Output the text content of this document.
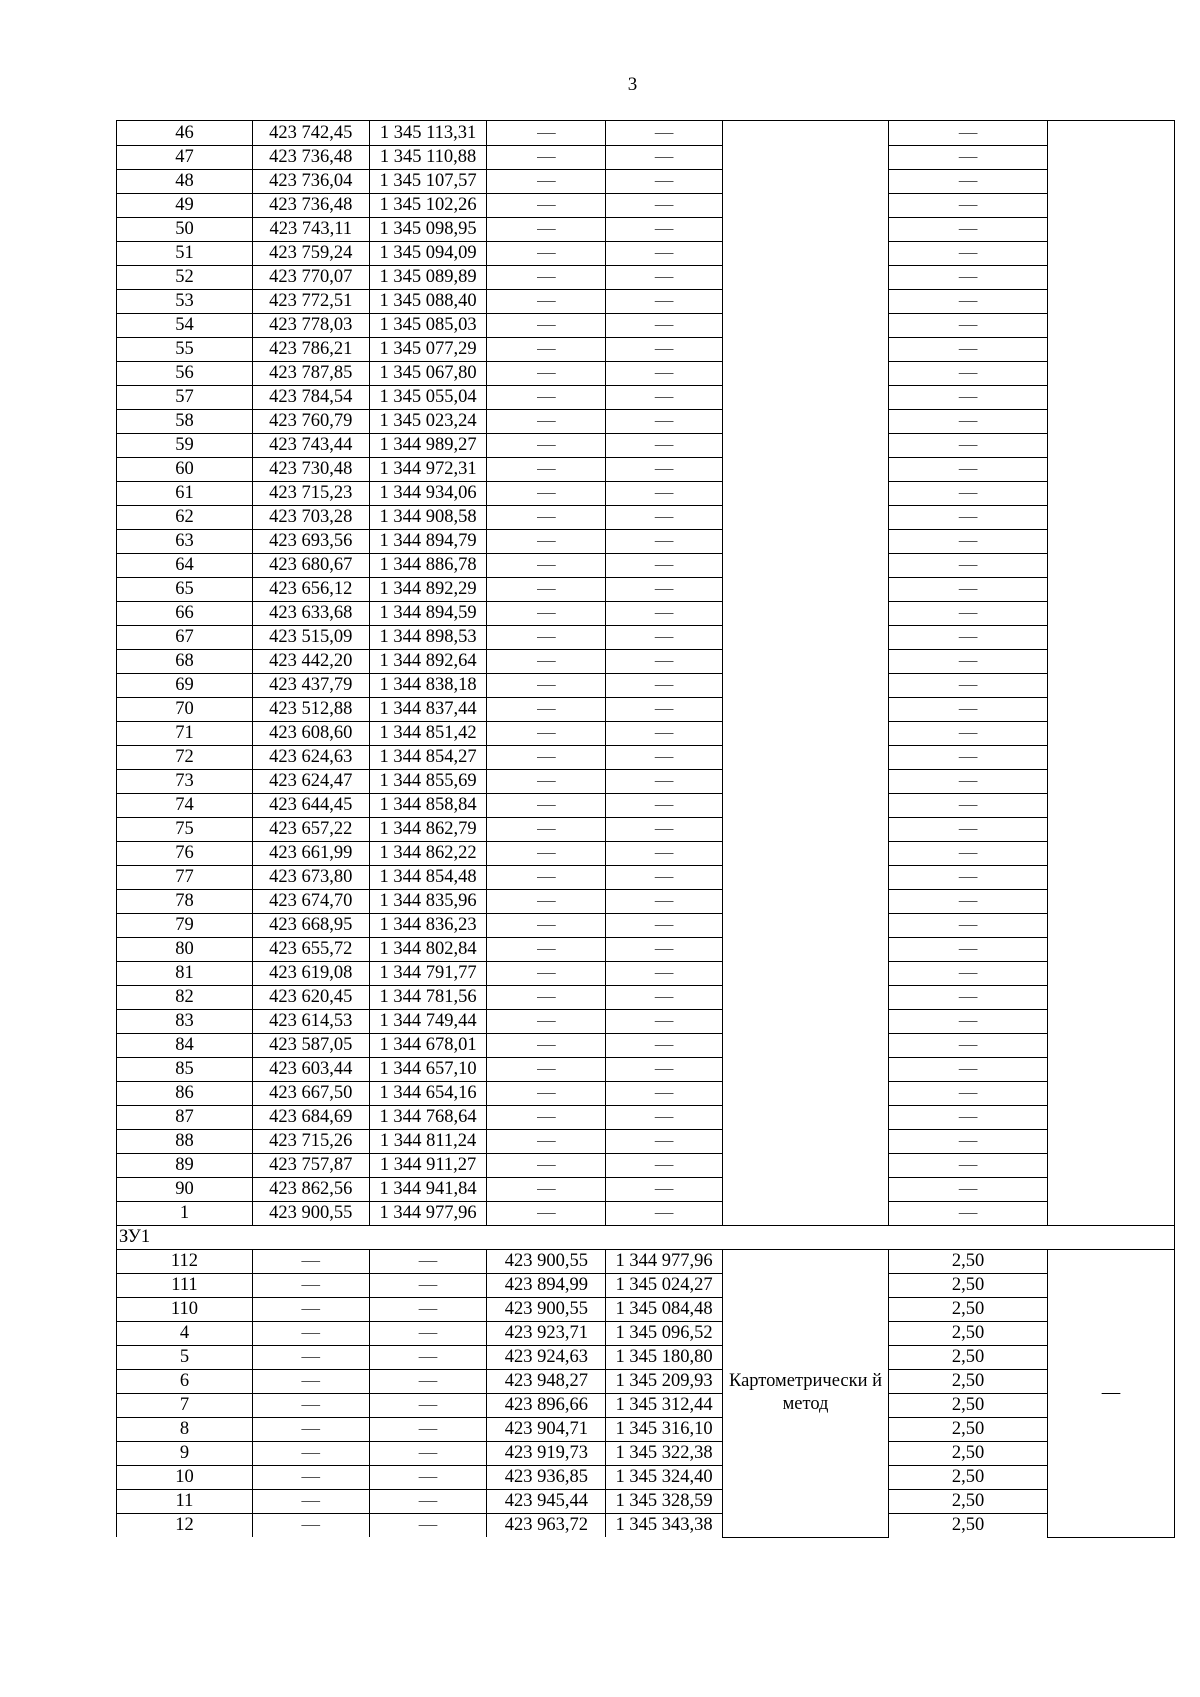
3
46	423 742,45	1 345 113,31	—	—		—	
47	423 736,48	1 345 110,88	—	—		—	
48	423 736,04	1 345 107,57	—	—		—	
49	423 736,48	1 345 102,26	—	—		—	
50	423 743,11	1 345 098,95	—	—		—	
51	423 759,24	1 345 094,09	—	—		—	
52	423 770,07	1 345 089,89	—	—		—	
53	423 772,51	1 345 088,40	—	—		—	
54	423 778,03	1 345 085,03	—	—		—	
55	423 786,21	1 345 077,29	—	—		—	
56	423 787,85	1 345 067,80	—	—		—	
57	423 784,54	1 345 055,04	—	—		—	
58	423 760,79	1 345 023,24	—	—		—	
59	423 743,44	1 344 989,27	—	—		—	
60	423 730,48	1 344 972,31	—	—		—	
61	423 715,23	1 344 934,06	—	—		—	
62	423 703,28	1 344 908,58	—	—		—	
63	423 693,56	1 344 894,79	—	—		—	
64	423 680,67	1 344 886,78	—	—		—	
65	423 656,12	1 344 892,29	—	—		—	
66	423 633,68	1 344 894,59	—	—		—	
67	423 515,09	1 344 898,53	—	—		—	
68	423 442,20	1 344 892,64	—	—		—	
69	423 437,79	1 344 838,18	—	—		—	
70	423 512,88	1 344 837,44	—	—		—	
71	423 608,60	1 344 851,42	—	—		—	
72	423 624,63	1 344 854,27	—	—		—	
73	423 624,47	1 344 855,69	—	—		—	
74	423 644,45	1 344 858,84	—	—		—	
75	423 657,22	1 344 862,79	—	—		—	
76	423 661,99	1 344 862,22	—	—		—	
77	423 673,80	1 344 854,48	—	—		—	
78	423 674,70	1 344 835,96	—	—		—	
79	423 668,95	1 344 836,23	—	—		—	
80	423 655,72	1 344 802,84	—	—		—	
81	423 619,08	1 344 791,77	—	—		—	
82	423 620,45	1 344 781,56	—	—		—	
83	423 614,53	1 344 749,44	—	—		—	
84	423 587,05	1 344 678,01	—	—		—	
85	423 603,44	1 344 657,10	—	—		—	
86	423 667,50	1 344 654,16	—	—		—	
87	423 684,69	1 344 768,64	—	—		—	
88	423 715,26	1 344 811,24	—	—		—	
89	423 757,87	1 344 911,27	—	—		—	
90	423 862,56	1 344 941,84	—	—		—	
1	423 900,55	1 344 977,96	—	—		—	
ЗУ1							
112	—	—	423 900,55	1 344 977,96	Картометрически й метод	2,50	—
111	—	—	423 894,99	1 345 024,27		2,50	
110	—	—	423 900,55	1 345 084,48		2,50	
4	—	—	423 923,71	1 345 096,52		2,50	
5	—	—	423 924,63	1 345 180,80		2,50	
6	—	—	423 948,27	1 345 209,93		2,50	
7	—	—	423 896,66	1 345 312,44		2,50	
8	—	—	423 904,71	1 345 316,10		2,50	
9	—	—	423 919,73	1 345 322,38		2,50	
10	—	—	423 936,85	1 345 324,40		2,50	
11	—	—	423 945,44	1 345 328,59		2,50	
12	—	—	423 963,72	1 345 343,38		2,50	
